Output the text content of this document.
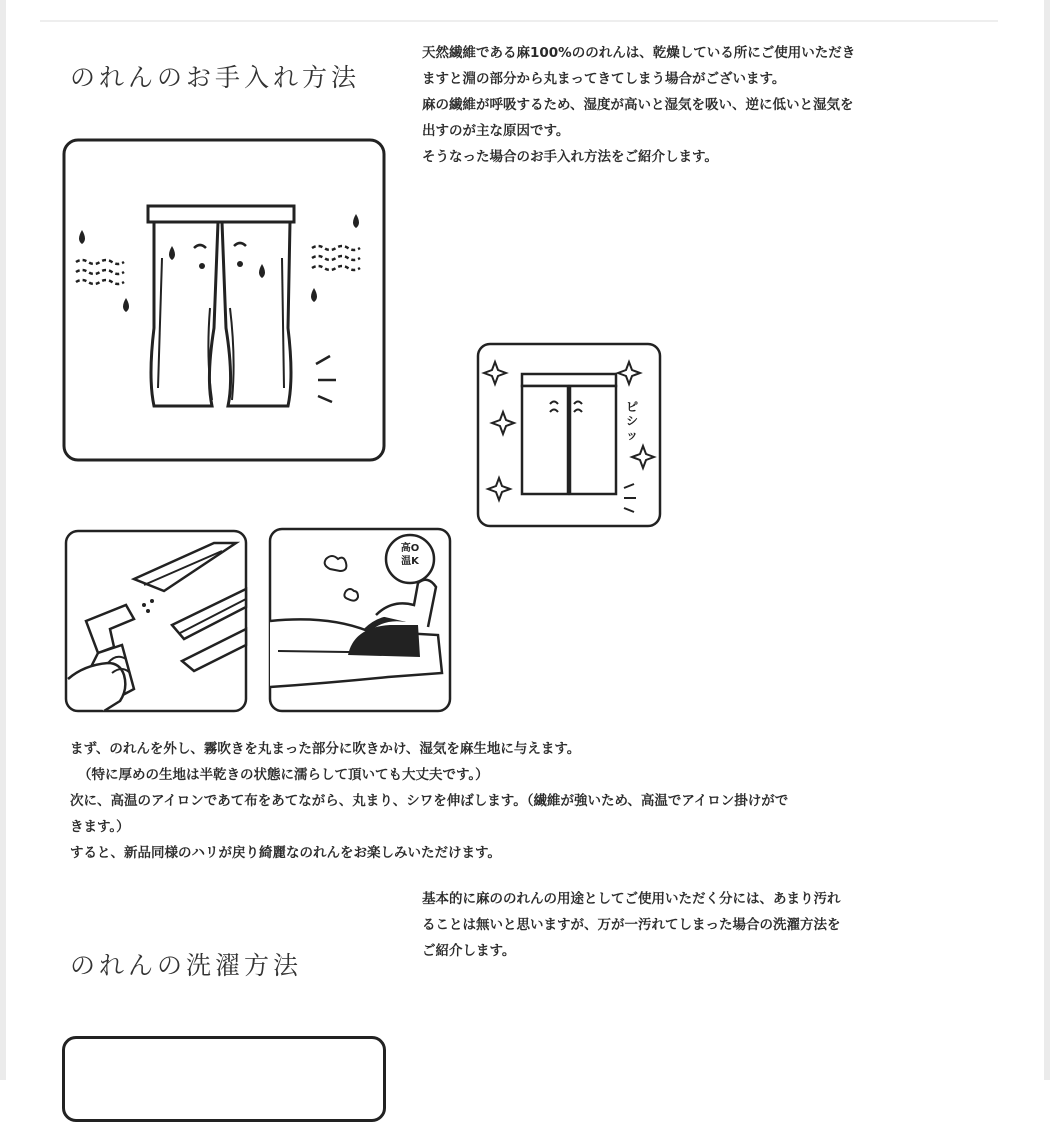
のれんのお手入れ方法

天然繊維である麻100%ののれんは、乾燥している所にご使用いただき

ますと淵の部分から丸まってきてしまう場合がございます。

麻の繊維が呼吸するため、湿度が高いと湿気を吸い、逆に低いと湿気を

出すのが主な原因です。

そうなった場合のお手入れ方法をご紹介します。

ピシッ
高O
温K

まず、のれんを外し、霧吹きを丸まった部分に吹きかけ、湿気を麻生地に与えます。

（特に厚めの生地は半乾きの状態に濡らして頂いても大丈夫です。）

次に、高温のアイロンであて布をあてながら、丸まり、シワを伸ばします。（繊維が強いため、高温でアイロン掛けがで

きます。）

すると、新品同様のハリが戻り綺麗なのれんをお楽しみいただけます。

基本的に麻ののれんの用途としてご使用いただく分には、あまり汚れ

ることは無いと思いますが、万が一汚れてしまった場合の洗濯方法を

ご紹介します。

のれんの洗濯方法
